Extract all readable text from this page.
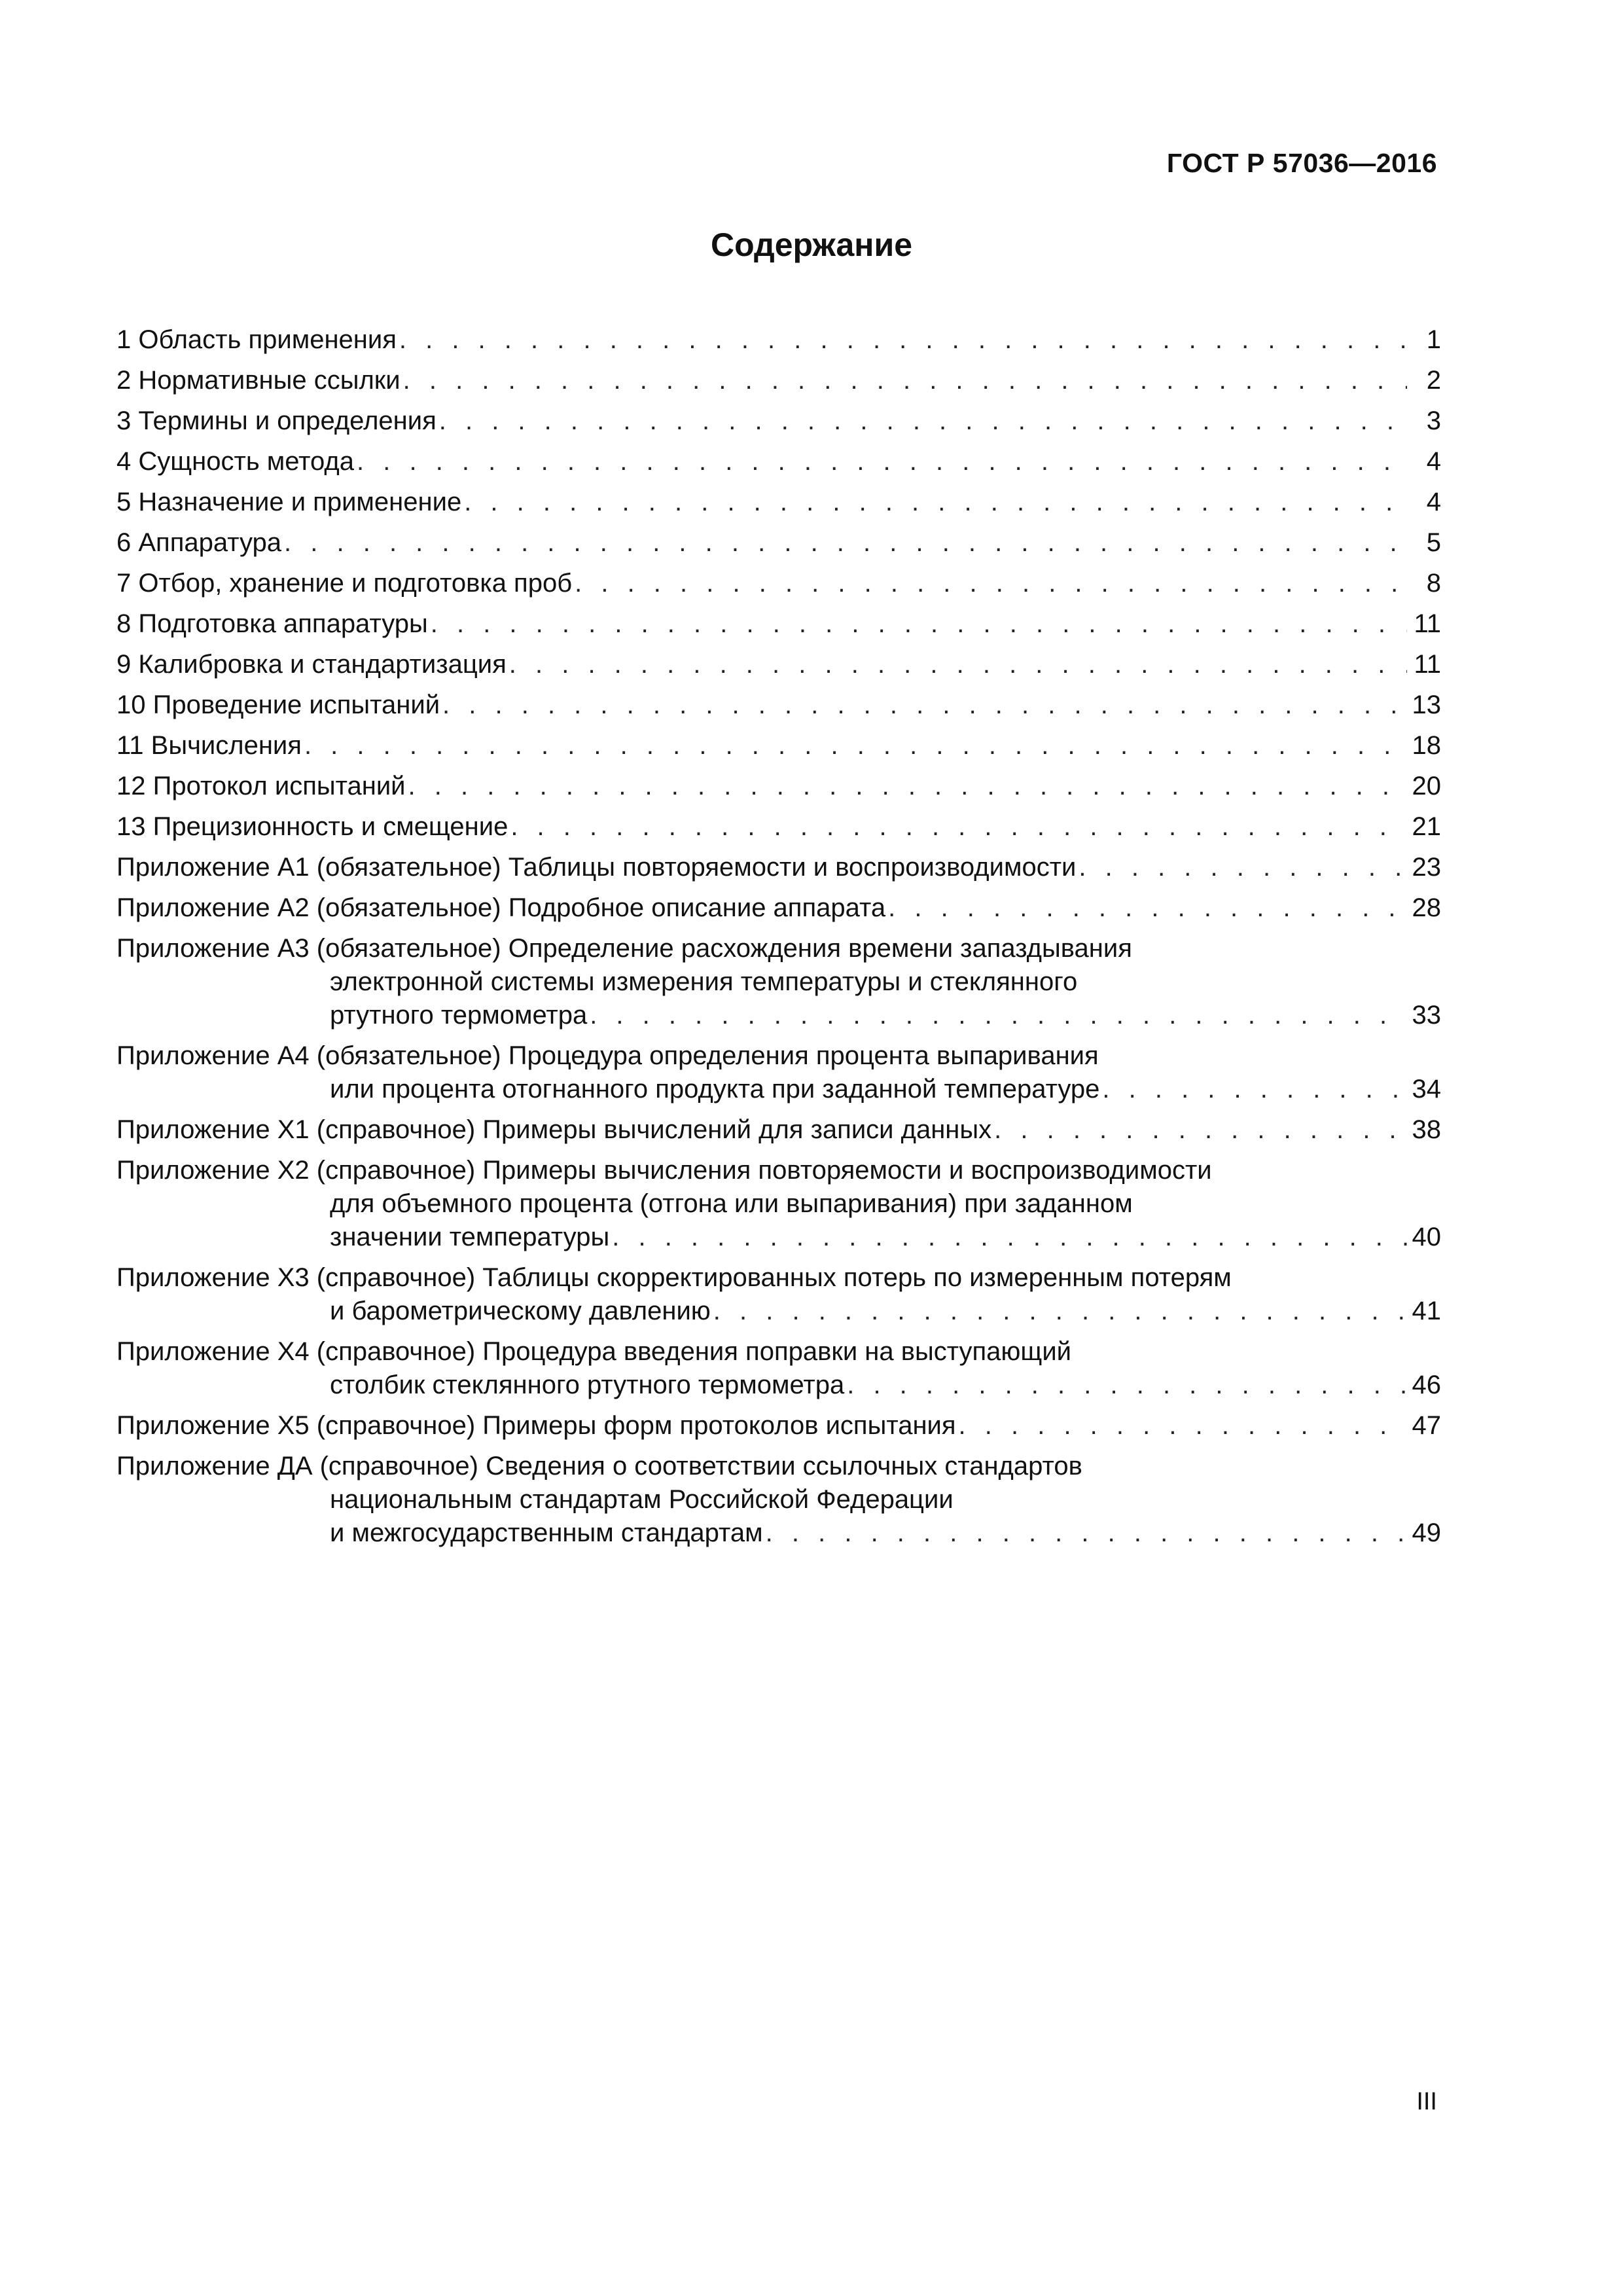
ГОСТ Р 57036—2016
Содержание
1 Область применения . . .	1
2 Нормативные ссылки . . .	2
3 Термины и определения . . .	3
4 Сущность метода . . .	4
5 Назначение и применение . . .	4
6 Аппаратура . . .	5
7 Отбор, хранение и подготовка проб . . .	8
8 Подготовка аппаратуры . . .	11
9 Калибровка и стандартизация . . .	11
10 Проведение испытаний . . .	13
11 Вычисления . . .	18
12 Протокол испытаний . . .	20
13 Прецизионность и смещение . . .	21
Приложение А1 (обязательное) Таблицы повторяемости и воспроизводимости . . .	23
Приложение А2 (обязательное) Подробное описание аппарата . . .	28
Приложение А3 (обязательное) Определение расхождения времени запаздывания
электронной системы измерения температуры и стеклянного
ртутного термометра . . .	33
Приложение А4 (обязательное) Процедура определения процента выпаривания
или процента отогнанного продукта при заданной температуре . . .	34
Приложение X1 (справочное) Примеры вычислений для записи данных . . .	38
Приложение Х2 (справочное) Примеры вычисления повторяемости и воспроизводимости
для объемного процента (отгона или выпаривания) при заданном
значении температуры . . .	40
Приложение Х3 (справочное) Таблицы скорректированных потерь по измеренным потерям
и барометрическому давлению . . .	41
Приложение Х4 (справочное) Процедура введения поправки на выступающий
столбик стеклянного ртутного термометра . . .	46
Приложение Х5 (справочное) Примеры форм протоколов испытания . . .	47
Приложение ДА (справочное) Сведения о соответствии ссылочных стандартов
национальным стандартам Российской Федерации
и межгосударственным стандартам . . .	49
III
